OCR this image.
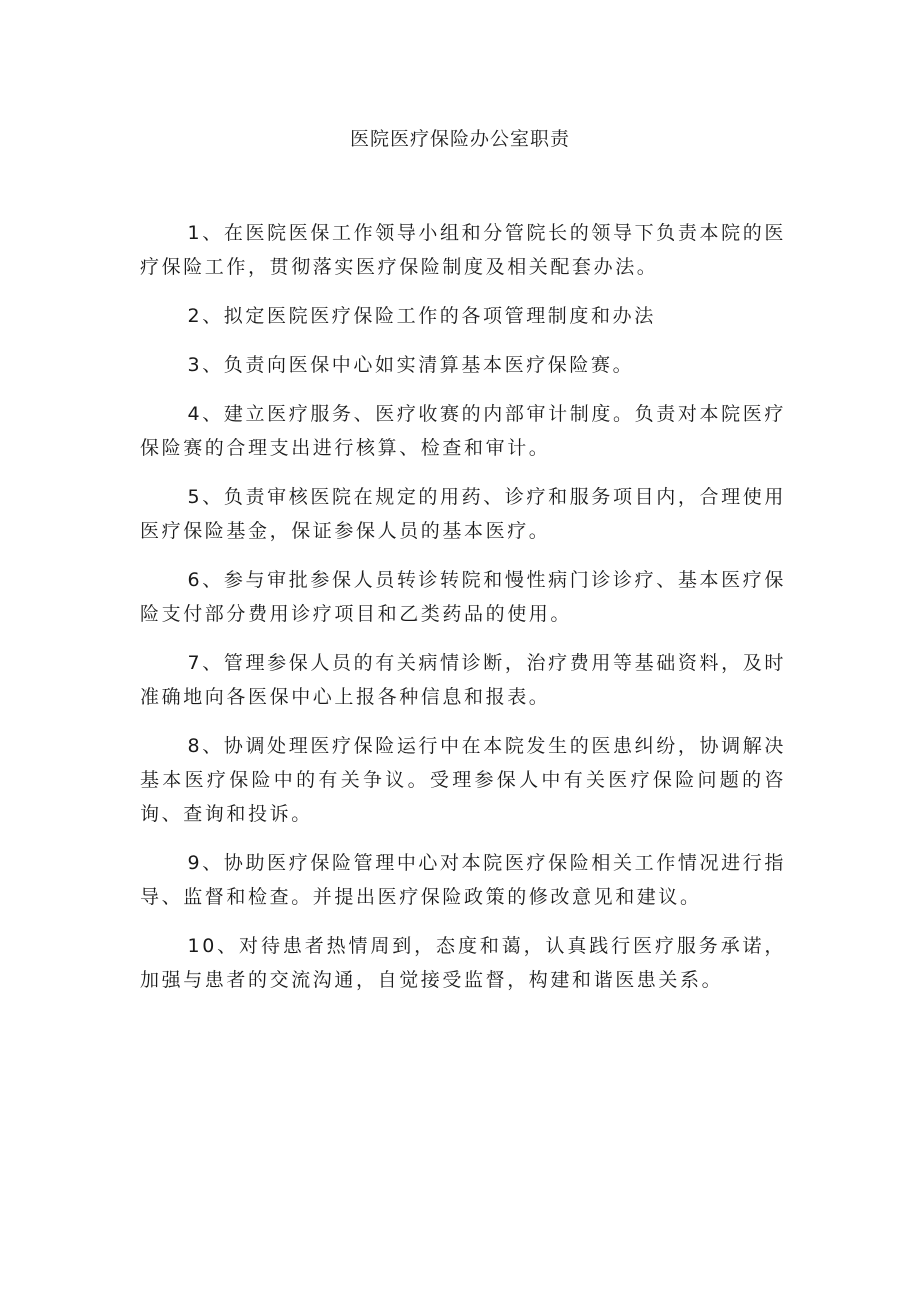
医院医疗保险办公室职责
1、在医院医保工作领导小组和分管院长的领导下负责本院的医疗保险工作，贯彻落实医疗保险制度及相关配套办法。
2、拟定医院医疗保险工作的各项管理制度和办法
3、负责向医保中心如实清算基本医疗保险赛。
4、建立医疗服务、医疗收赛的内部审计制度。负责对本院医疗保险赛的合理支出进行核算、检查和审计。
5、负责审核医院在规定的用药、诊疗和服务项目内，合理使用医疗保险基金，保证参保人员的基本医疗。
6、参与审批参保人员转诊转院和慢性病门诊诊疗、基本医疗保险支付部分费用诊疗项目和乙类药品的使用。
7、管理参保人员的有关病情诊断，治疗费用等基础资料，及时准确地向各医保中心上报各种信息和报表。
8、协调处理医疗保险运行中在本院发生的医患纠纷，协调解决基本医疗保险中的有关争议。受理参保人中有关医疗保险问题的咨询、查询和投诉。
9、协助医疗保险管理中心对本院医疗保险相关工作情况进行指导、监督和检查。并提出医疗保险政策的修改意见和建议。
10、对待患者热情周到，态度和蔼，认真践行医疗服务承诺，加强与患者的交流沟通，自觉接受监督，构建和谐医患关系。
